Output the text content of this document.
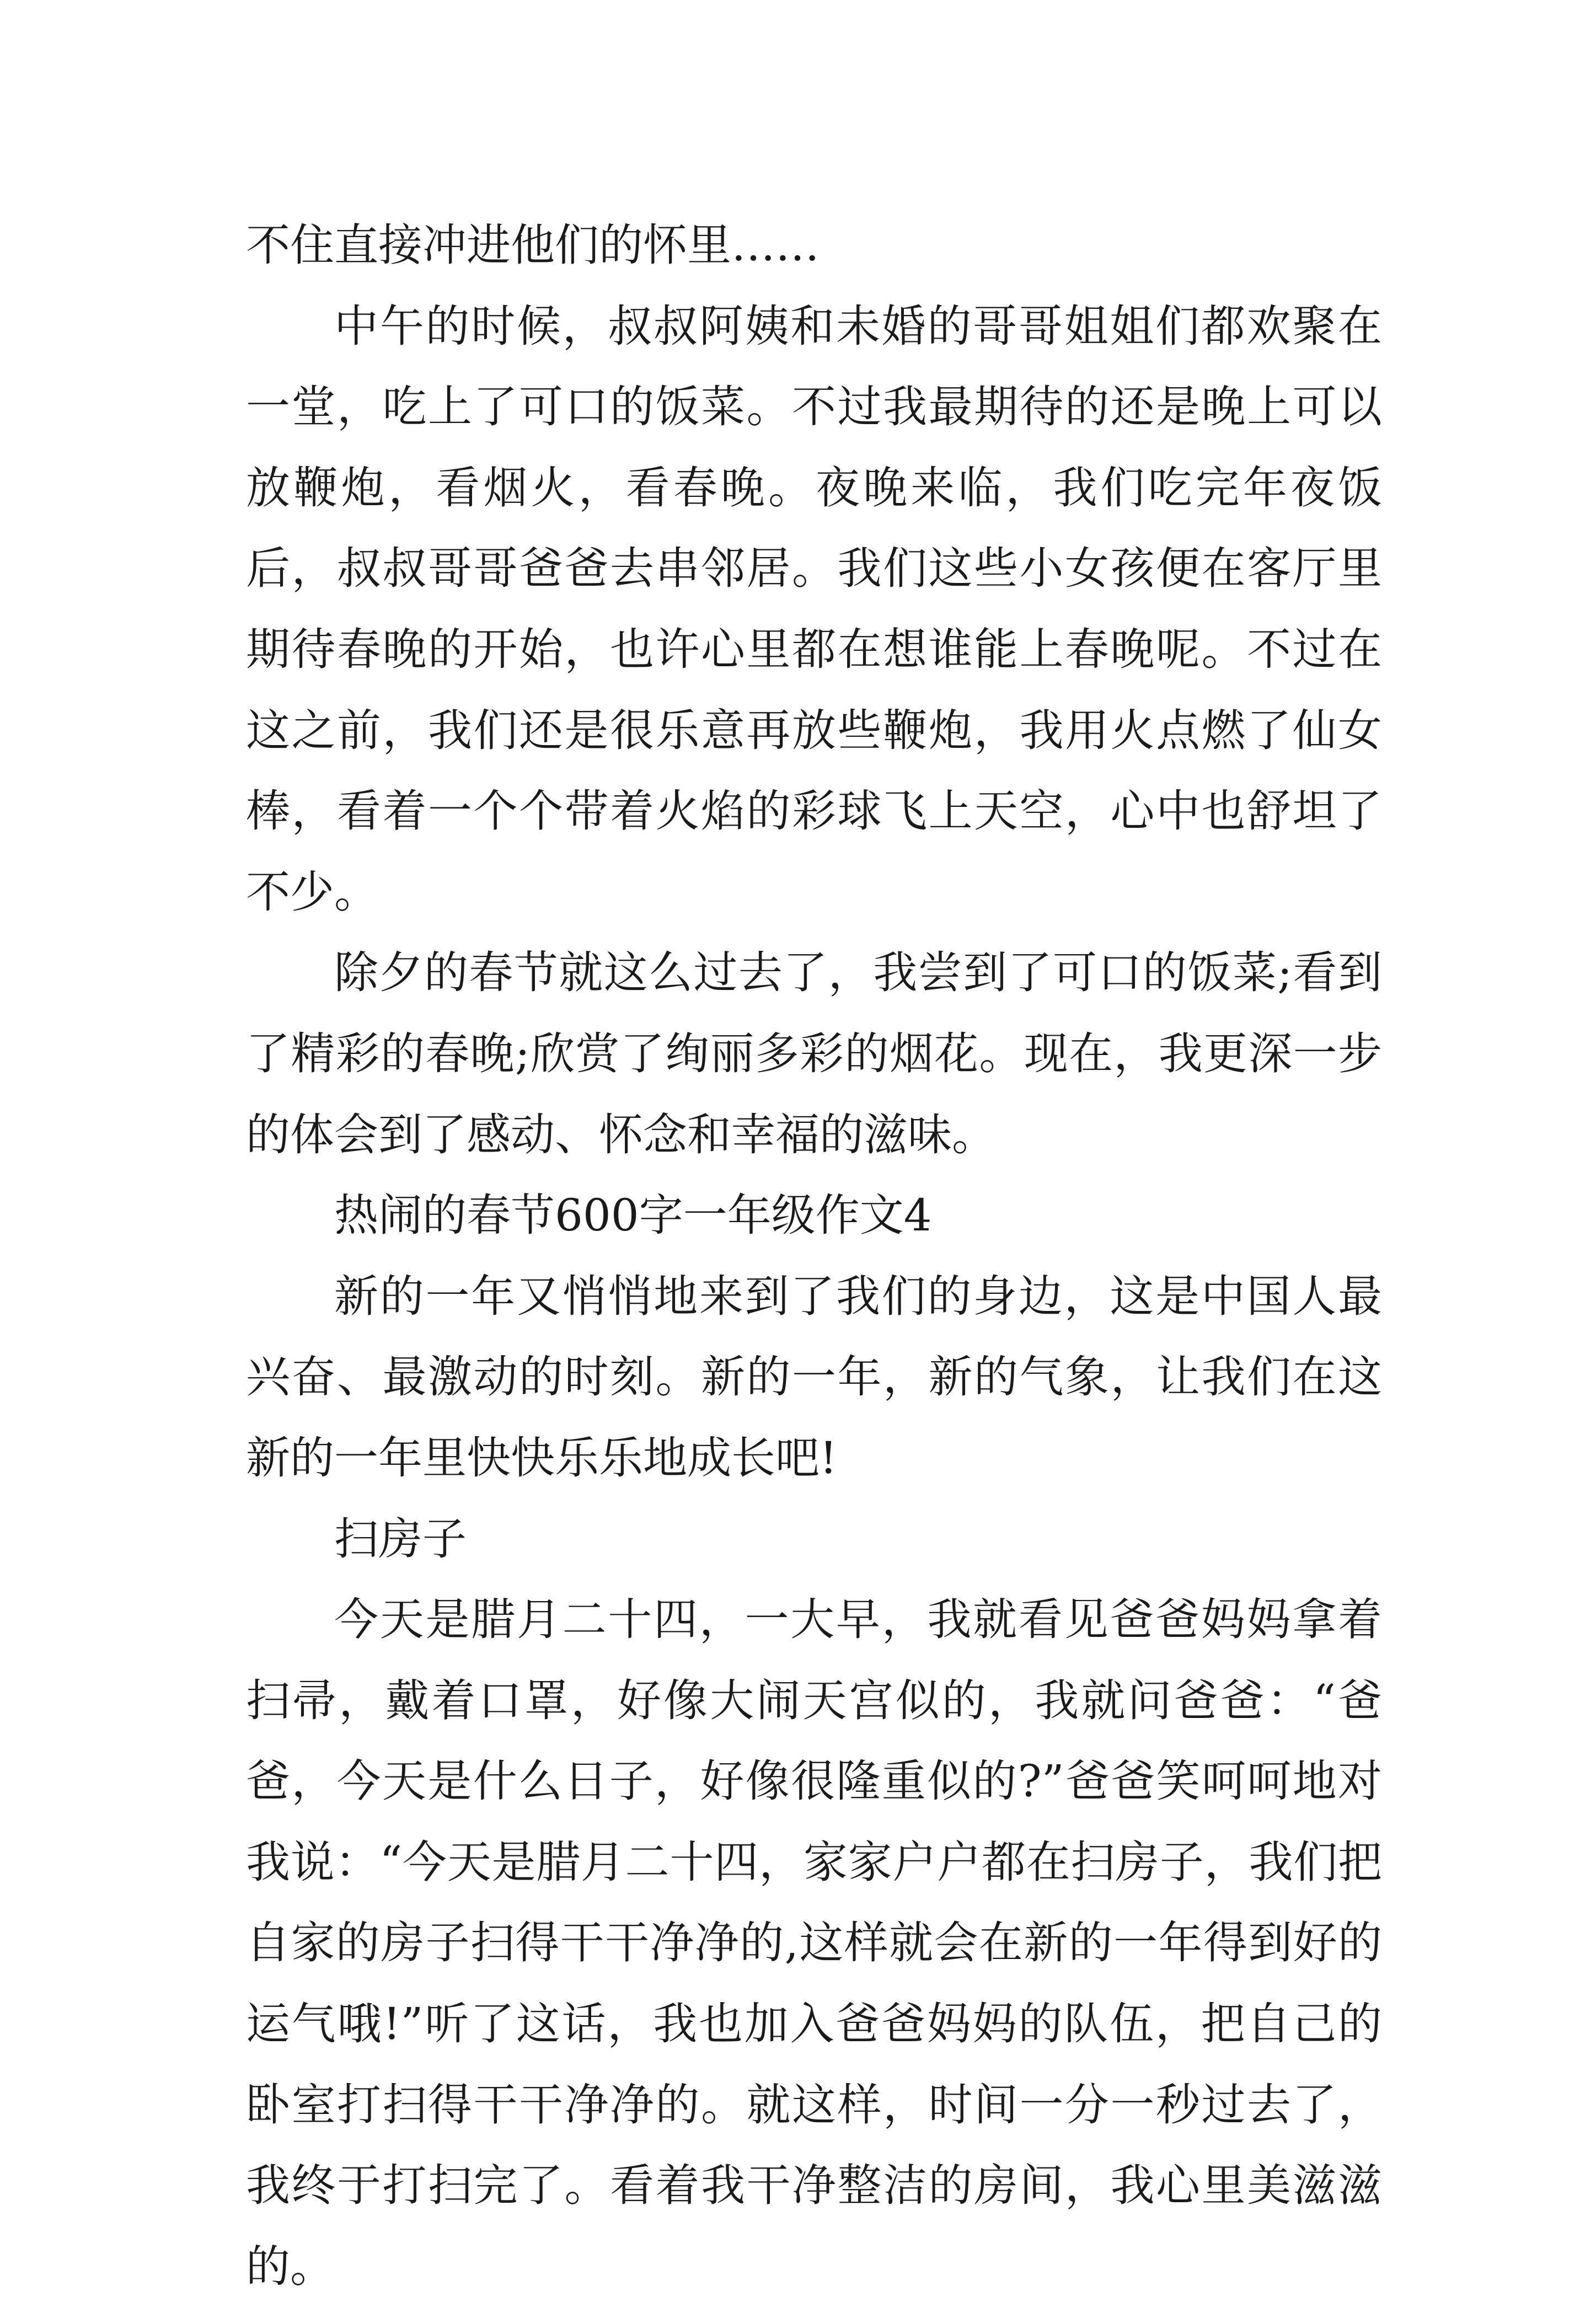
不住直接冲进他们的怀里……

中午的时候，叔叔阿姨和未婚的哥哥姐姐们都欢聚在一堂，吃上了可口的饭菜。不过我最期待的还是晚上可以放鞭炮，看烟火，看春晚。夜晚来临，我们吃完年夜饭后，叔叔哥哥爸爸去串邻居。我们这些小女孩便在客厅里期待春晚的开始，也许心里都在想谁能上春晚呢。不过在这之前，我们还是很乐意再放些鞭炮，我用火点燃了仙女棒，看着一个个带着火焰的彩球飞上天空，心中也舒坦了不少。

除夕的春节就这么过去了，我尝到了可口的饭菜;看到了精彩的春晚;欣赏了绚丽多彩的烟花。现在，我更深一步的体会到了感动、怀念和幸福的滋味。

热闹的春节600字一年级作文4

新的一年又悄悄地来到了我们的身边，这是中国人最兴奋、最激动的时刻。新的一年，新的气象，让我们在这新的一年里快快乐乐地成长吧!

扫房子

今天是腊月二十四，一大早，我就看见爸爸妈妈拿着扫帚，戴着口罩，好像大闹天宫似的，我就问爸爸：“爸爸，今天是什么日子，好像很隆重似的?”爸爸笑呵呵地对我说：“今天是腊月二十四，家家户户都在扫房子，我们把自家的房子扫得干干净净的,这样就会在新的一年得到好的运气哦!”听了这话，我也加入爸爸妈妈的队伍，把自己的卧室打扫得干干净净的。就这样，时间一分一秒过去了，我终于打扫完了。看着我干净整洁的房间，我心里美滋滋的。
